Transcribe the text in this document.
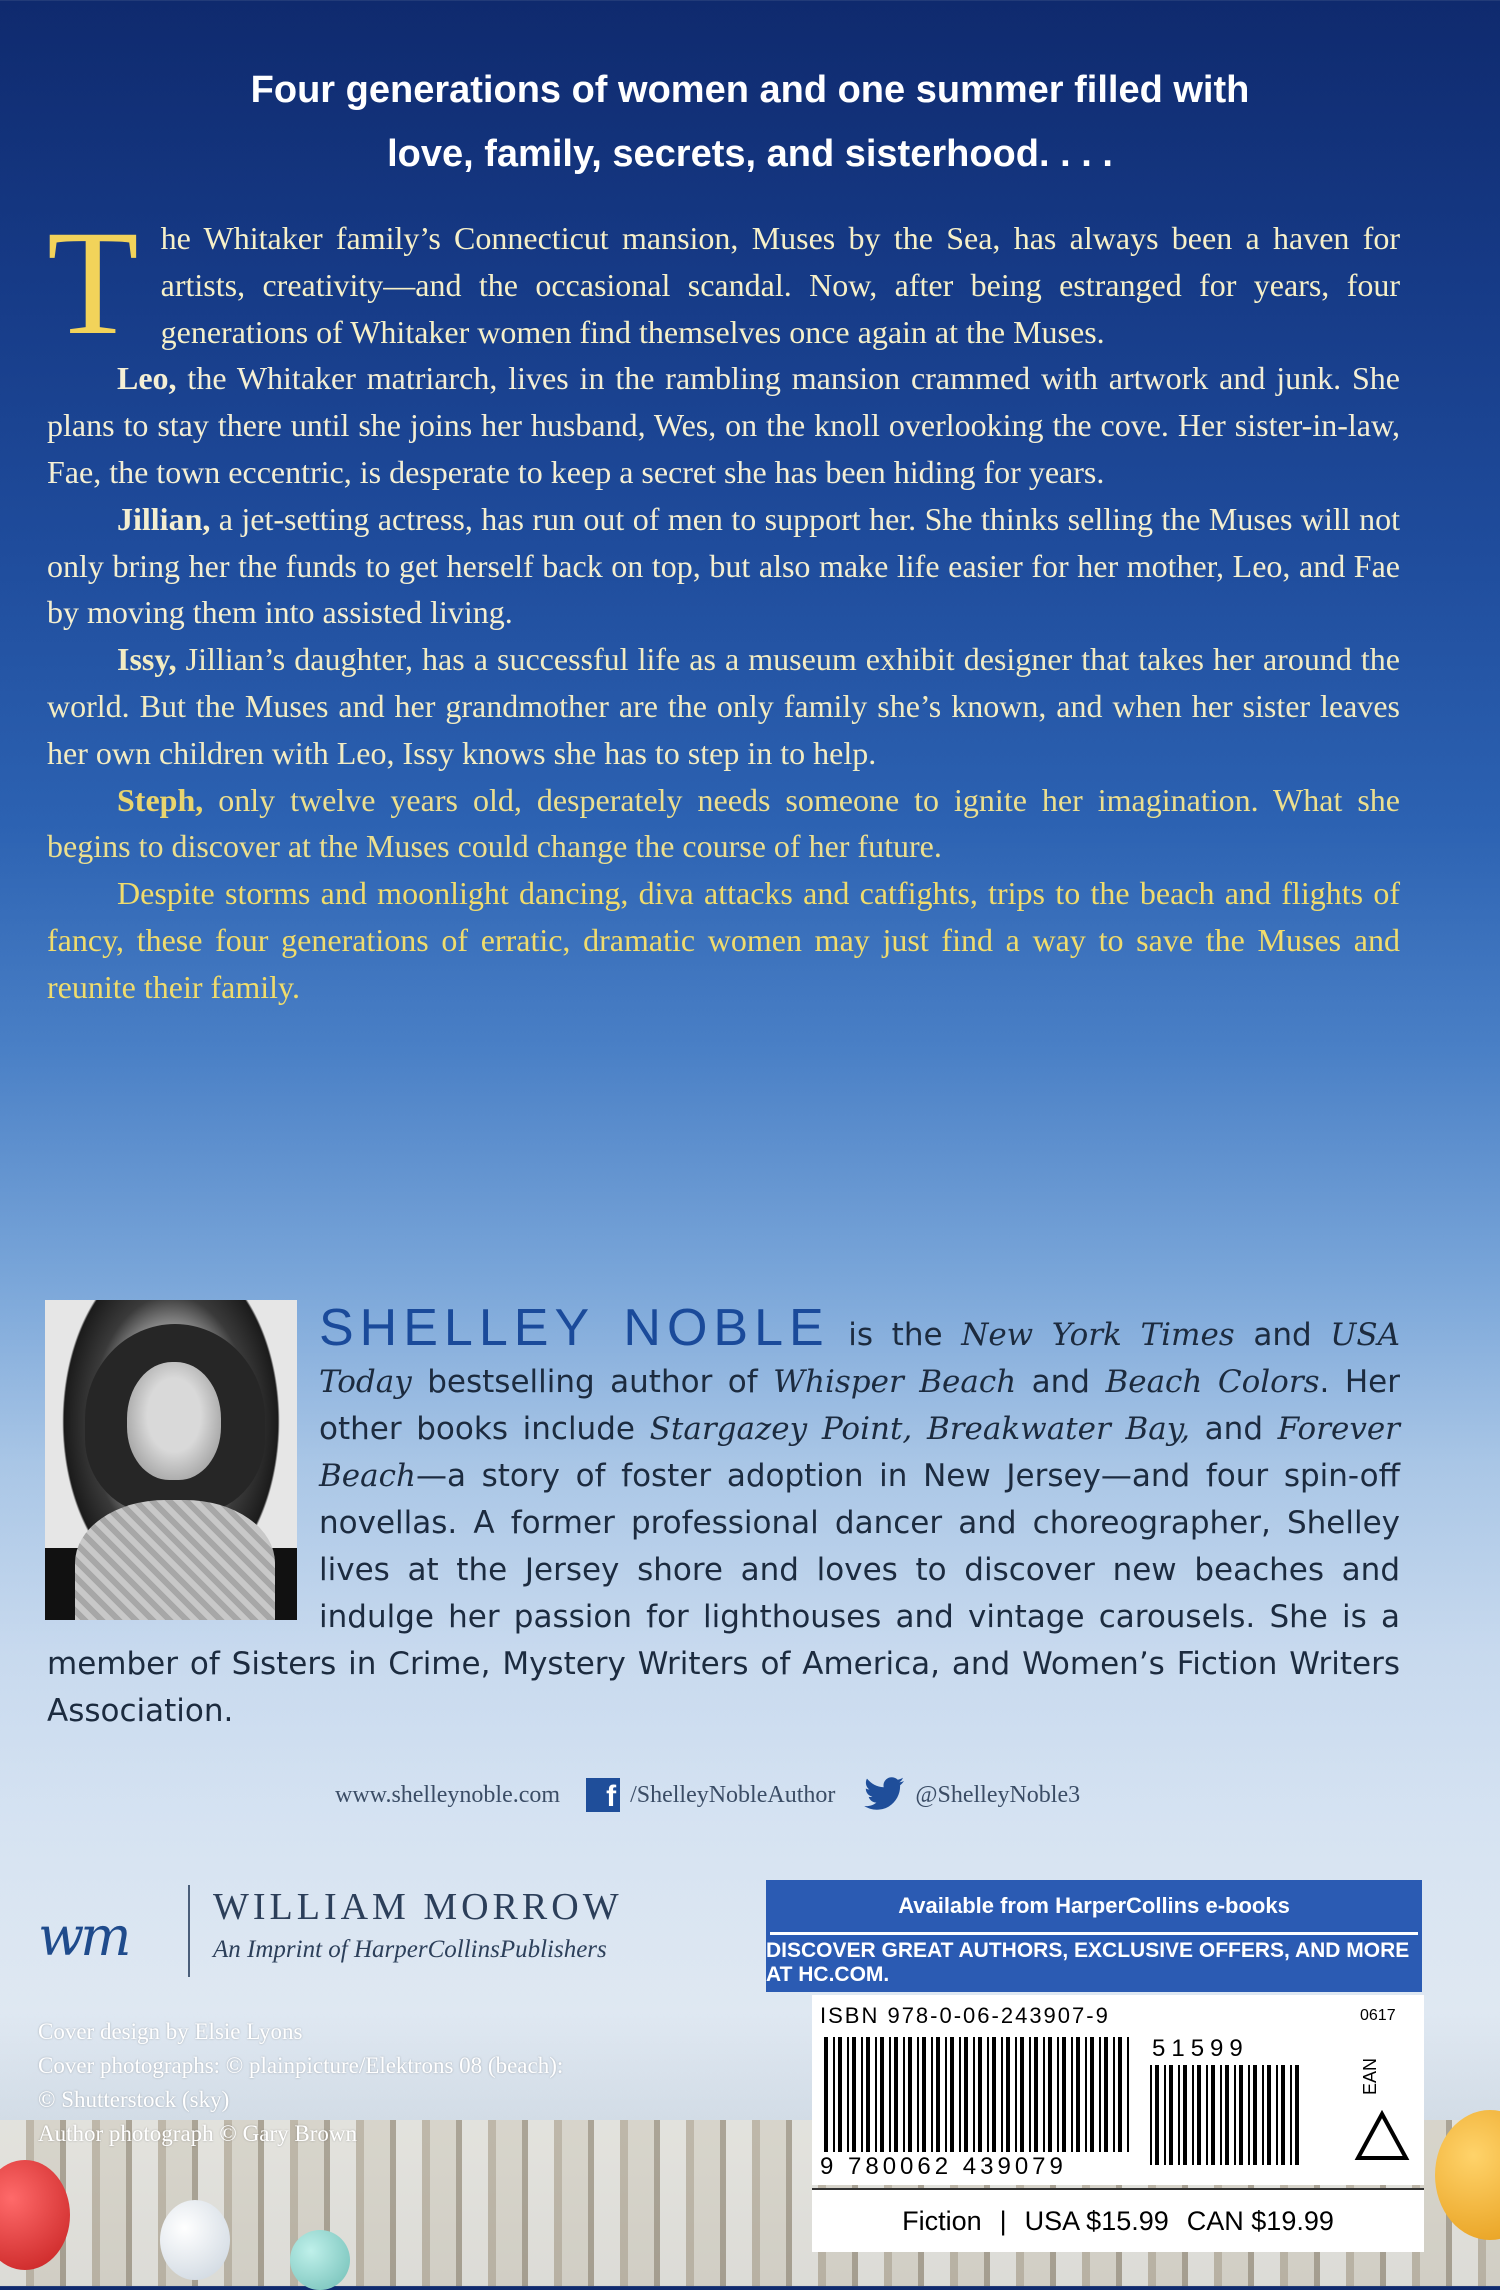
Four generations of women and one summer filled with
love, family, secrets, and sisterhood. . . .

The Whitaker family’s Connecticut mansion, Muses by the Sea, has always been a haven for artists, creativity—and the occasional scandal. Now, after being estranged for years, four generations of Whitaker women find themselves once again at the Muses.

Leo, the Whitaker matriarch, lives in the rambling mansion crammed with artwork and junk. She plans to stay there until she joins her husband, Wes, on the knoll overlooking the cove. Her sister-in-law, Fae, the town eccentric, is desperate to keep a secret she has been hiding for years.

Jillian, a jet-setting actress, has run out of men to support her. She thinks selling the Muses will not only bring her the funds to get herself back on top, but also make life easier for her mother, Leo, and Fae by moving them into assisted living.

Issy, Jillian’s daughter, has a successful life as a museum exhibit designer that takes her around the world. But the Muses and her grandmother are the only family she’s known, and when her sister leaves her own children with Leo, Issy knows she has to step in to help.

Steph, only twelve years old, desperately needs someone to ignite her imagination. What she begins to discover at the Muses could change the course of her future.

Despite storms and moonlight dancing, diva attacks and catfights, trips to the beach and flights of fancy, these four generations of erratic, dramatic women may just find a way to save the Muses and reunite their family.

SHELLEY NOBLE is the New York Times and USA Today bestselling author of Whisper Beach and Beach Colors. Her other books include Stargazey Point, Breakwater Bay, and Forever Beach—a story of foster adoption in New Jersey—and four spin-off novellas. A former professional dancer and choreographer, Shelley lives at the Jersey shore and loves to discover new beaches and indulge her passion for lighthouses and vintage carousels. She is a member of Sisters in Crime, Mystery Writers of America, and Women’s Fiction Writers Association.
www.shelleynoble.com	f /ShelleyNobleAuthor	@ShelleyNoble3
wm	WILLIAM MORROW
An Imprint of HarperCollinsPublishers
Cover design by Elsie Lyons
Cover photographs: © plainpicture/Elektrons 08 (beach):
© Shutterstock (sky)
Author photograph © Gary Brown
Available from HarperCollins e-books
DISCOVER GREAT AUTHORS, EXCLUSIVE OFFERS, AND MORE AT HC.COM.
ISBN 978-0-06-243907-9	0617
51599
9 780062 439079
EAN
Fiction | USA $15.99 CAN $19.99
